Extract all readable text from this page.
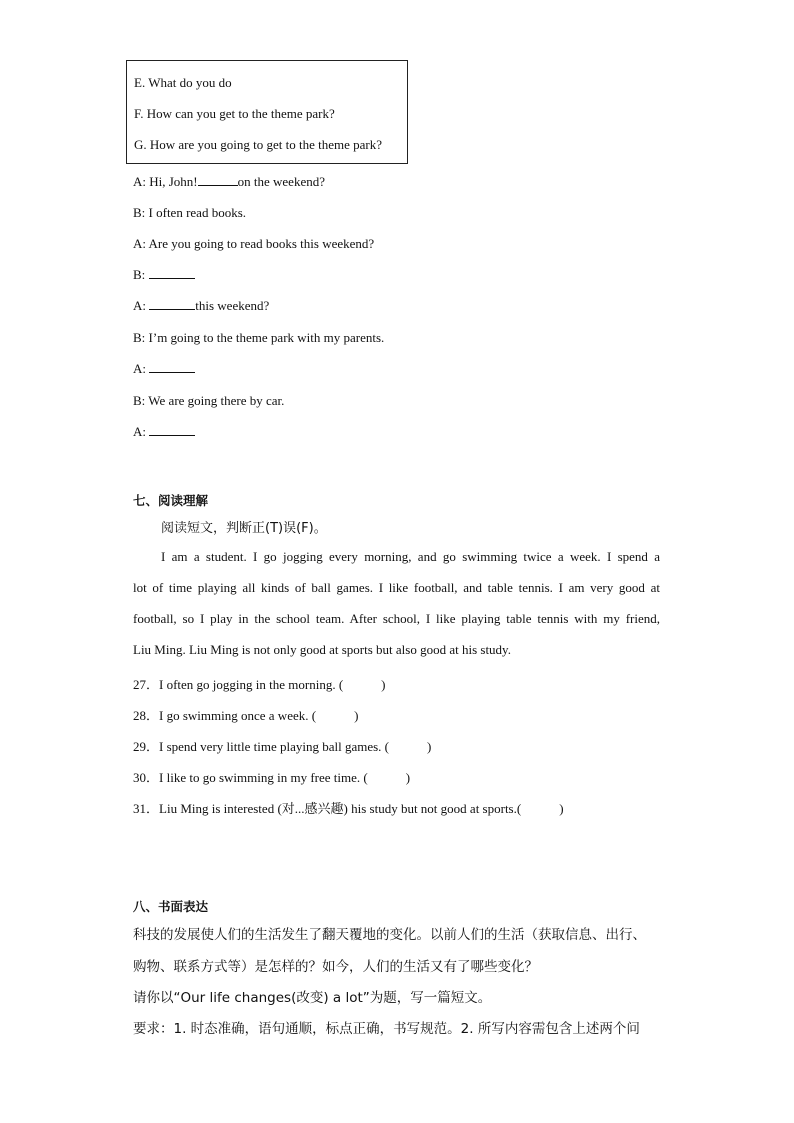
E. What do you do
F. How can you get to the theme park?
G. How are you going to get to the theme park?
A: Hi, John!	on the weekend?
B: I often read books.
A: Are you going to read books this weekend?
B:
A:	this weekend?
B: I’m going to the theme park with my parents.
A:
B: We are going there by car.
A:
七、阅读理解
阅读短文，判断正(T)误(F)。
I am a student. I go jogging every morning, and go swimming twice a week. I spend a
lot of time playing all kinds of ball games. I like football, and table tennis. I am very good at
football, so I play in the school team. After school, I like playing table tennis with my friend,
Liu Ming. Liu Ming is not only good at sports but also good at his study.
27．I often go jogging in the morning. (	)
28．I go swimming once a week. (	)
29．I spend very little time playing ball games. (	)
30．I like to go swimming in my free time. (	)
31．Liu Ming is interested (对...感兴趣) his study but not good at sports.(	)
八、书面表达
科技的发展使人们的生活发生了翻天覆地的变化。以前人们的生活（获取信息、出行、
购物、联系方式等）是怎样的？如今，人们的生活又有了哪些变化？
请你以“Our life changes(改变) a lot”为题，写一篇短文。
要求：1. 时态准确，语句通顺，标点正确，书写规范。2. 所写内容需包含上述两个问
